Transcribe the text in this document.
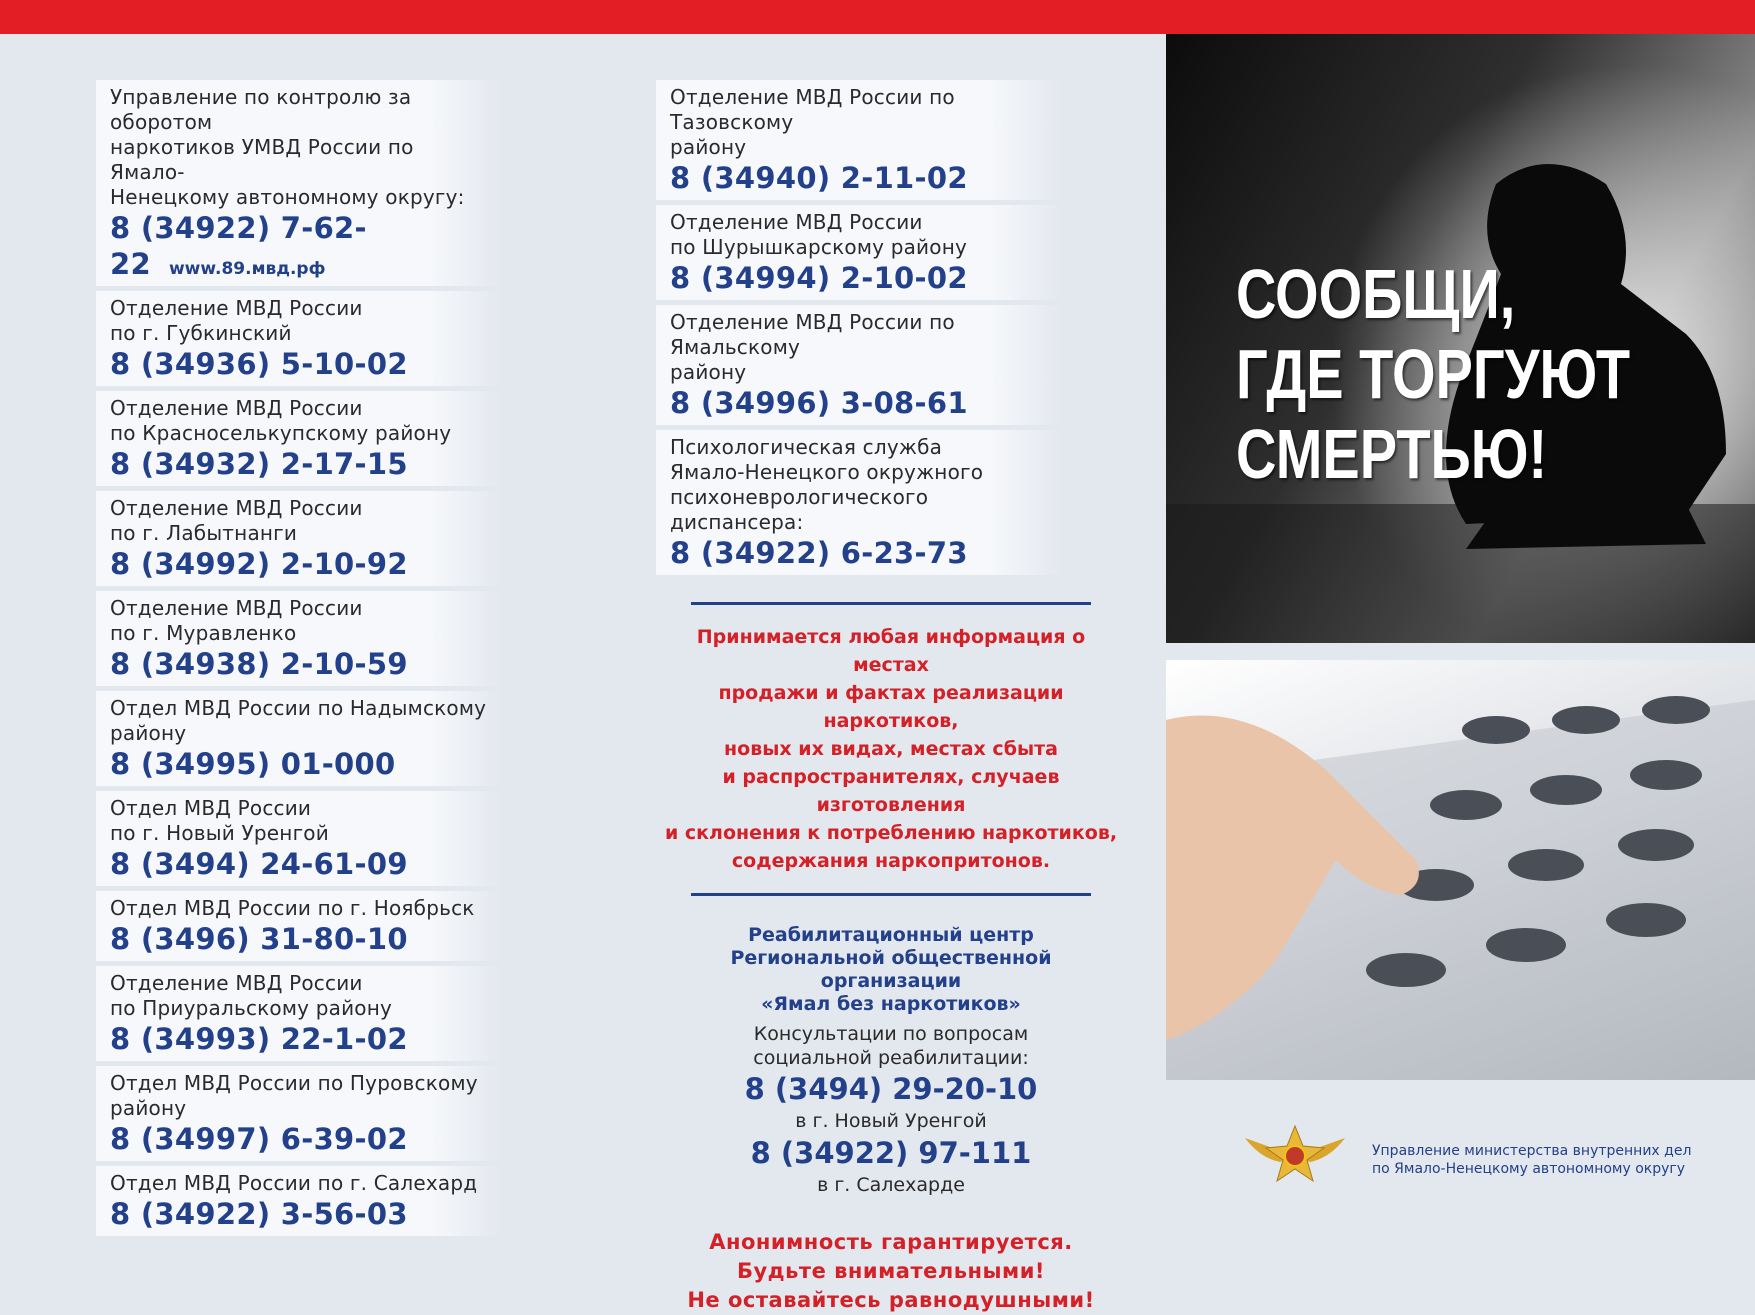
Управление по контролю за оборотом
наркотиков УМВД России по Ямало-
Ненецкому автономному округу:
8 (34922) 7-62-22 www.89.мвд.рф
Отделение МВД России
по г. Губкинский
8 (34936) 5-10-02
Отделение МВД России
по Красноселькупскому району
8 (34932) 2-17-15
Отделение МВД России
по г. Лабытнанги
8 (34992) 2-10-92
Отделение МВД России
по г. Муравленко
8 (34938) 2-10-59
Отдел МВД России по Надымскому
району
8 (34995) 01-000
Отдел МВД России
по г. Новый Уренгой
8 (3494) 24-61-09
Отдел МВД России по г. Ноябрьск
8 (3496) 31-80-10
Отделение МВД России
по Приуральскому району
8 (34993) 22-1-02
Отдел МВД России по Пуровскому
району
8 (34997) 6-39-02
Отдел МВД России по г. Салехард
8 (34922) 3-56-03
Отделение МВД России по Тазовскому
району
8 (34940) 2-11-02
Отделение МВД России
по Шурышкарскому району
8 (34994) 2-10-02
Отделение МВД России по Ямальскому
району
8 (34996) 3-08-61
Психологическая служба
Ямало-Ненецкого окружного
психоневрологического диспансера:
8 (34922) 6-23-73
Принимается любая информация о местах
продажи и фактах реализации наркотиков,
новых их видах, местах сбыта
и распространителях, случаев изготовления
и склонения к потреблению наркотиков,
содержания наркопритонов.
Реабилитационный центр
Региональной общественной
организации
«Ямал без наркотиков»
Консультации по вопросам
социальной реабилитации:
8 (3494) 29-20-10
в г. Новый Уренгой
8 (34922) 97-111
в г. Салехарде
Анонимность гарантируется.
Будьте внимательными!
Не оставайтесь равнодушными!
СООБЩИ,
ГДЕ ТОРГУЮТ
СМЕРТЬЮ!
Управление министерства внутренних дел
по Ямало-Ненецкому автономному округу
